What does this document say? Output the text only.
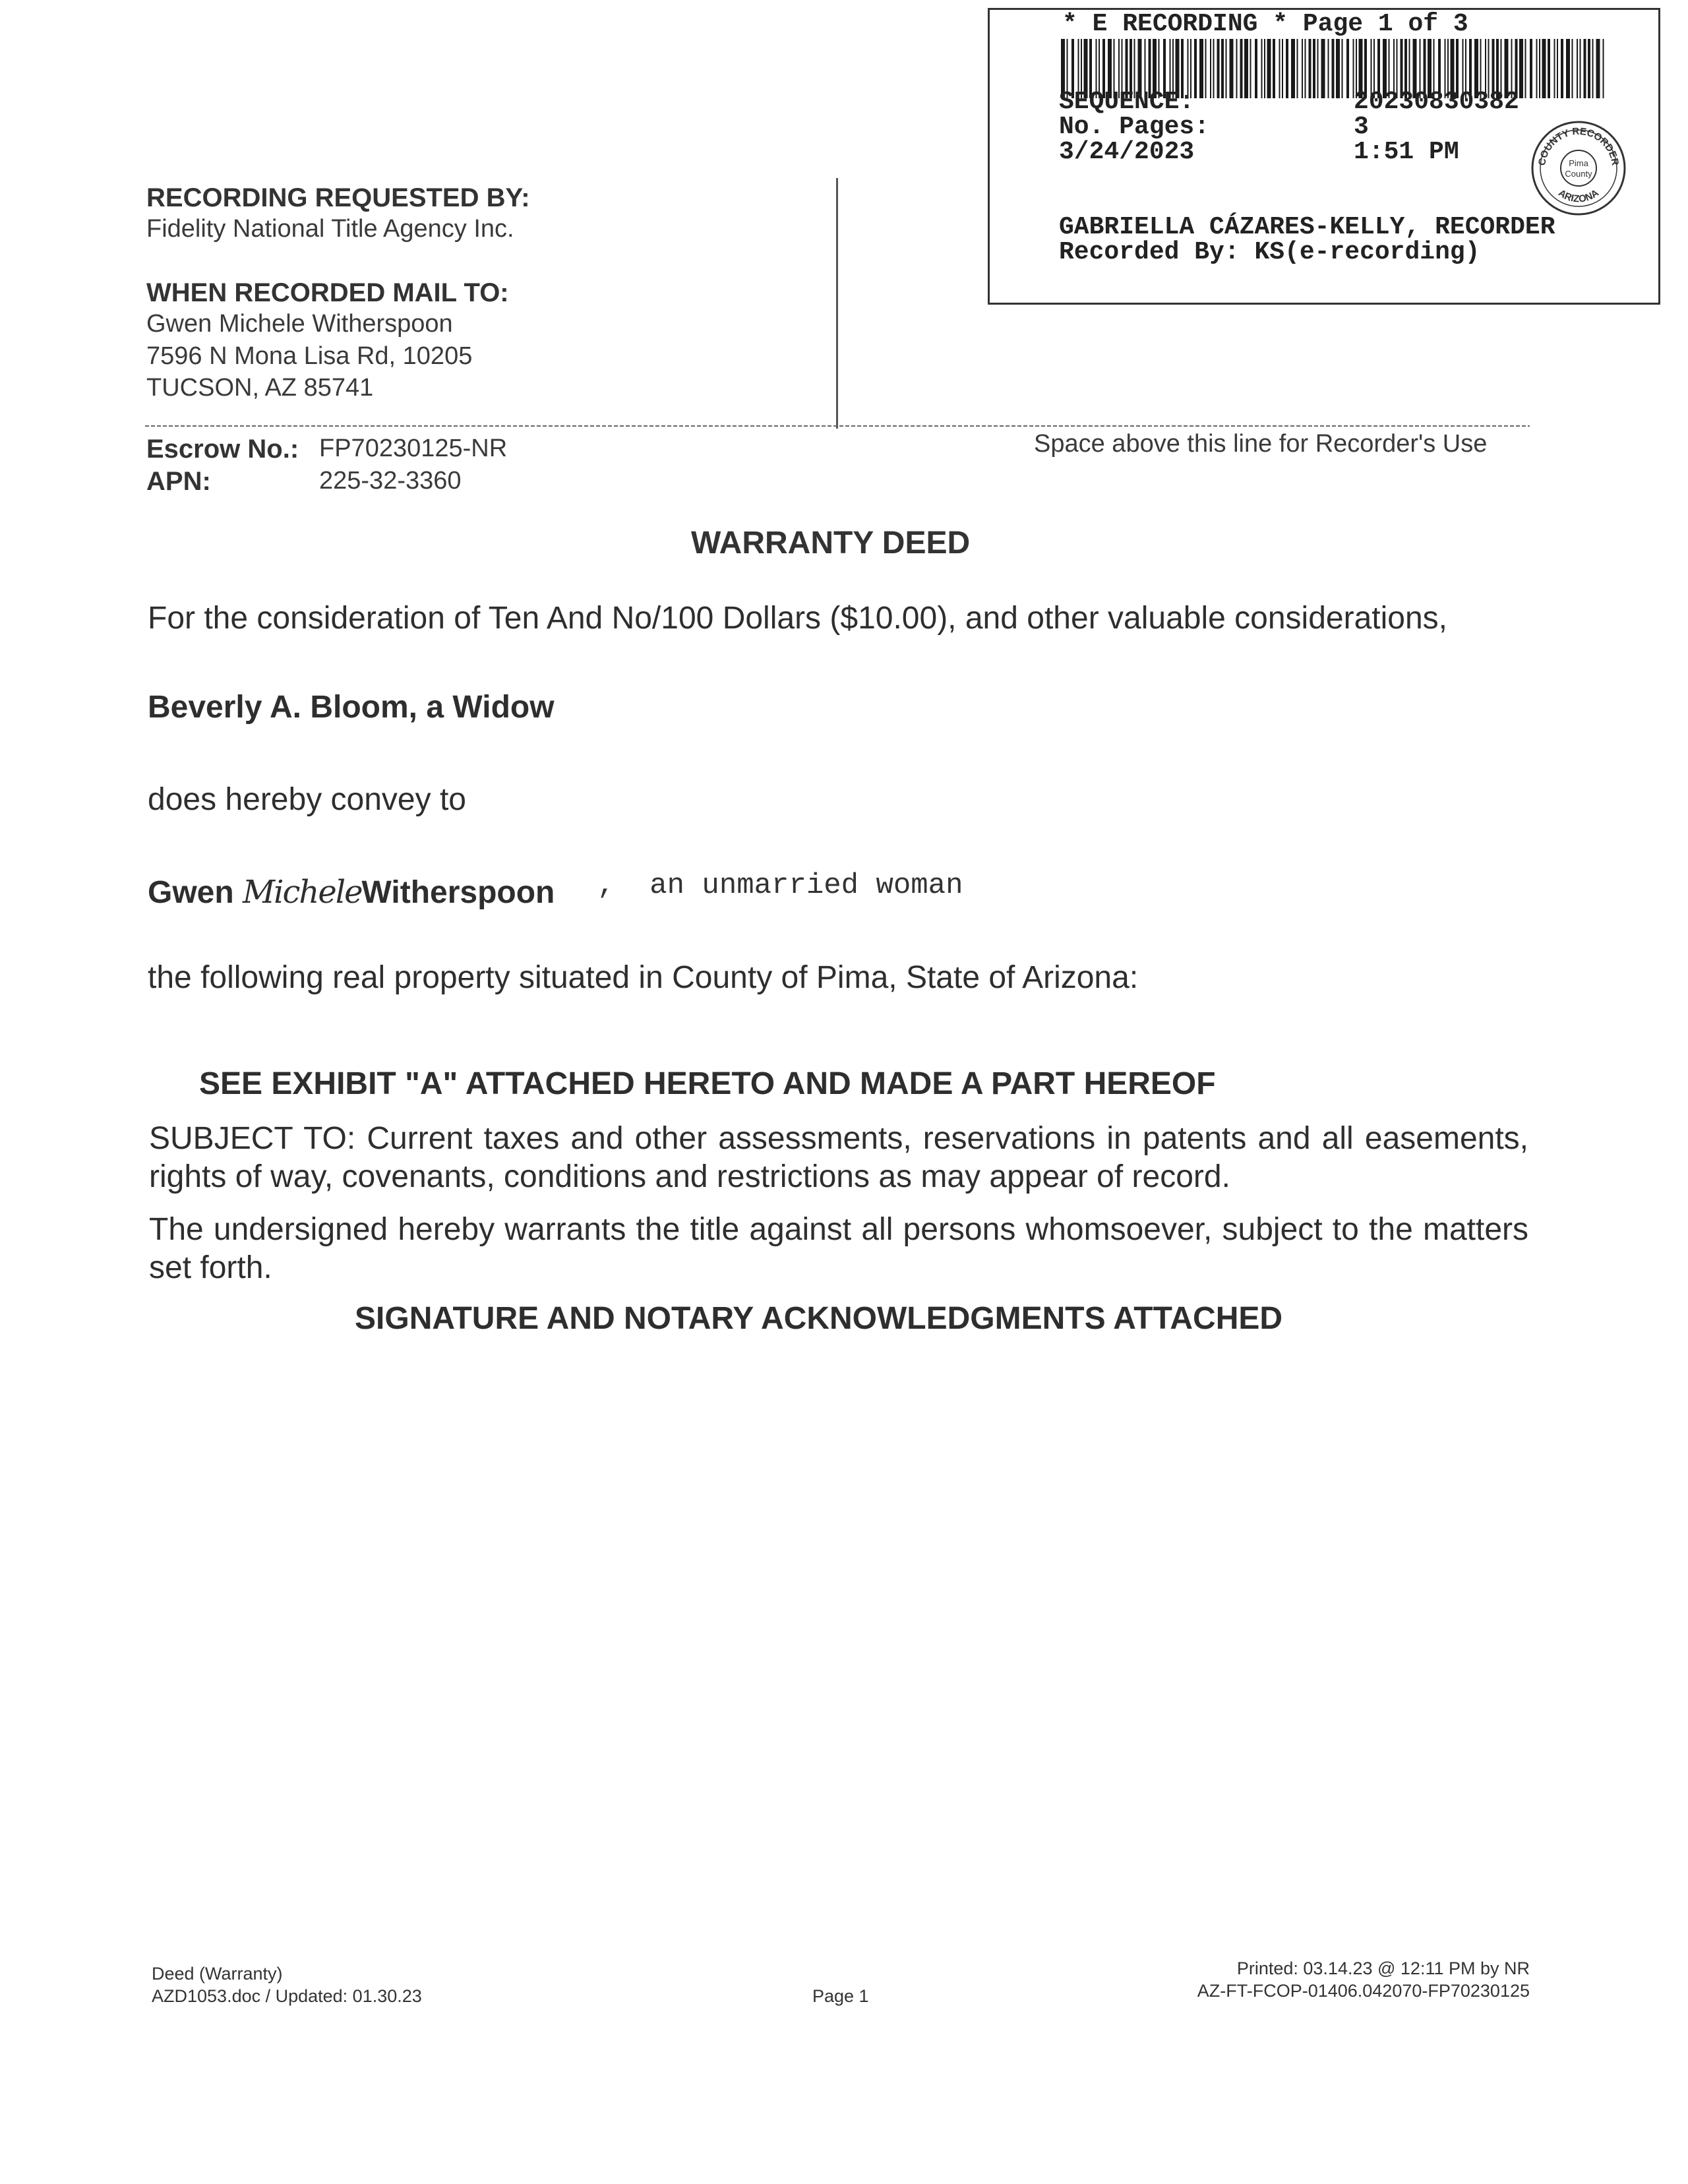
* E RECORDING * Page 1 of 3
SEQUENCE:	20230830382
No. Pages:	3
3/24/2023	1:51 PM
GABRIELLA CÁZARES-KELLY, RECORDER
Recorded By: KS(e-recording)
COUNTY RECORDER
ARIZONA
Pima
County
RECORDING REQUESTED BY:
Fidelity National Title Agency Inc.
WHEN RECORDED MAIL TO:
Gwen Michele Witherspoon
7596 N Mona Lisa Rd, 10205
TUCSON, AZ 85741
Escrow No.: FP70230125-NR
APN:	225-32-3360
Space above this line for Recorder's Use
WARRANTY DEED
For the consideration of Ten And No/100 Dollars ($10.00), and other valuable considerations,
Beverly A. Bloom, a Widow
does hereby convey to
Gwen MicheleWitherspoon ,  an unmarried woman
the following real property situated in County of Pima, State of Arizona:
SEE EXHIBIT "A" ATTACHED HERETO AND MADE A PART HEREOF
SUBJECT TO: Current taxes and other assessments, reservations in patents and all easements, rights of way, covenants, conditions and restrictions as may appear of record.
The undersigned hereby warrants the title against all persons whomsoever, subject to the matters set forth.
SIGNATURE AND NOTARY ACKNOWLEDGMENTS ATTACHED
Deed (Warranty)
AZD1053.doc / Updated: 01.30.23	Page 1
Printed: 03.14.23 @ 12:11 PM by NR
AZ-FT-FCOP-01406.042070-FP70230125
